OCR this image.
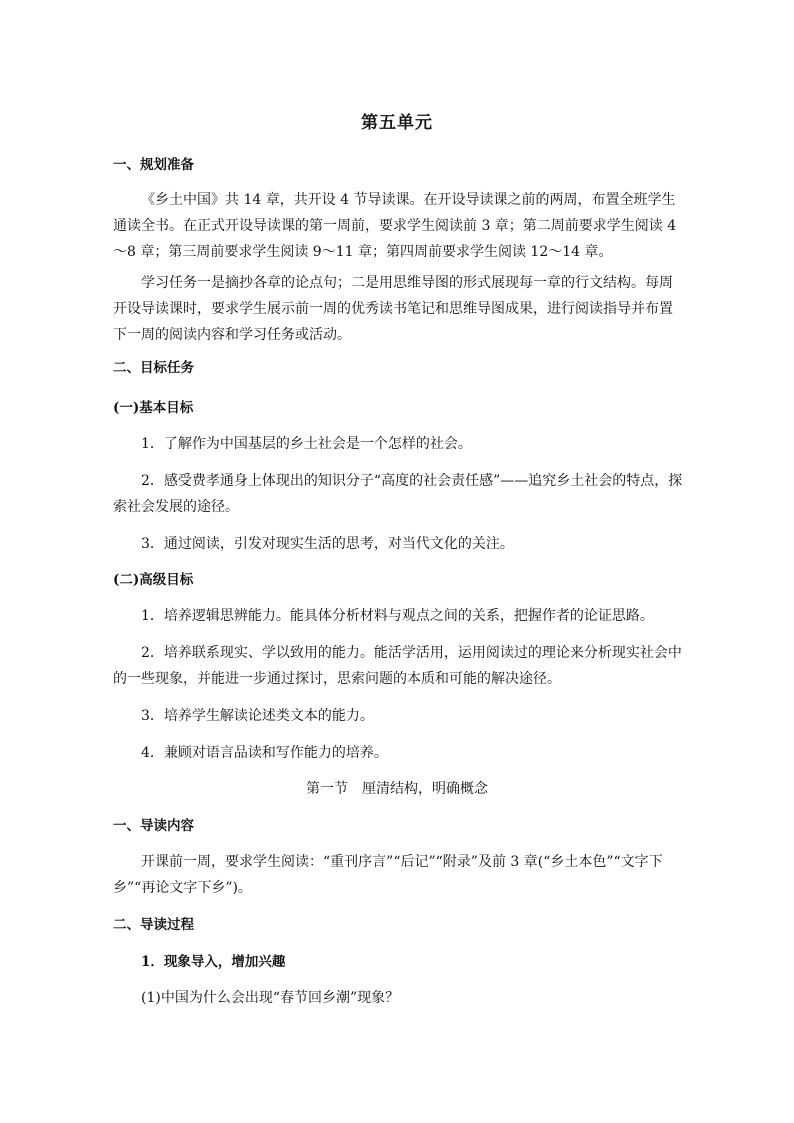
第五单元
一、规划准备
《乡土中国》共 14 章，共开设 4 节导读课。在开设导读课之前的两周，布置全班学生通读全书。在正式开设导读课的第一周前，要求学生阅读前 3 章；第二周前要求学生阅读 4～8 章；第三周前要求学生阅读 9～11 章；第四周前要求学生阅读 12～14 章。
学习任务一是摘抄各章的论点句；二是用思维导图的形式展现每一章的行文结构。每周开设导读课时，要求学生展示前一周的优秀读书笔记和思维导图成果，进行阅读指导并布置下一周的阅读内容和学习任务或活动。
二、目标任务
(一)基本目标
1．了解作为中国基层的乡土社会是一个怎样的社会。
2．感受费孝通身上体现出的知识分子“高度的社会责任感”——追究乡土社会的特点，探索社会发展的途径。
3．通过阅读，引发对现实生活的思考，对当代文化的关注。
(二)高级目标
1．培养逻辑思辨能力。能具体分析材料与观点之间的关系，把握作者的论证思路。
2．培养联系现实、学以致用的能力。能活学活用，运用阅读过的理论来分析现实社会中的一些现象，并能进一步通过探讨，思索问题的本质和可能的解决途径。
3．培养学生解读论述类文本的能力。
4．兼顾对语言品读和写作能力的培养。
第一节　厘清结构，明确概念
一、导读内容
开课前一周，要求学生阅读：“重刊序言”“后记”“附录”及前 3 章(“乡土本色”“文字下乡”“再论文字下乡”)。
二、导读过程
1．现象导入，增加兴趣
(1)中国为什么会出现“春节回乡潮”现象？
